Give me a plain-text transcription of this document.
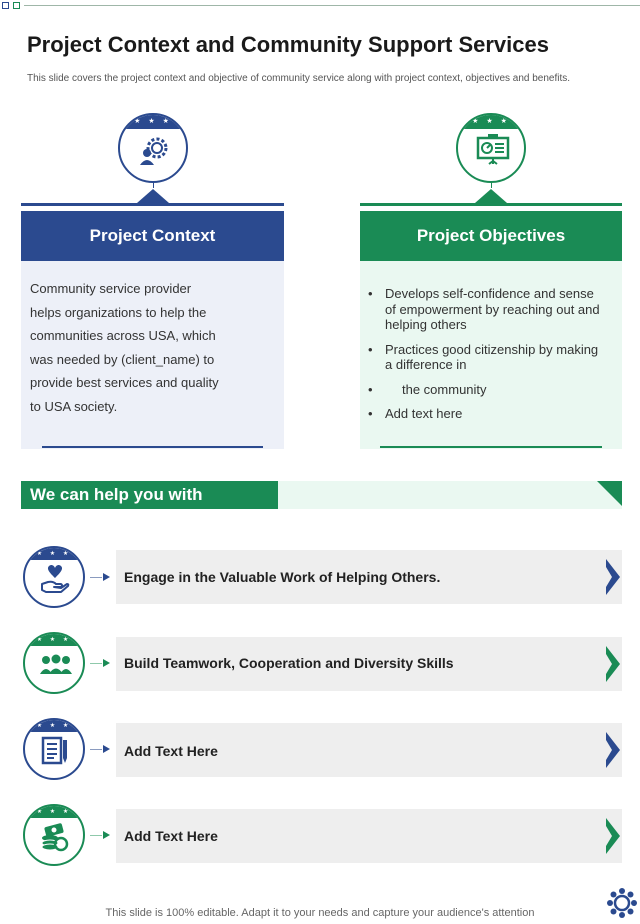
Project Context and Community Support Services
This slide covers the project context and objective of community service along with project context, objectives and benefits.
★ ★ ★
Project Context
Community service provider
helps organizations to help the
communities across USA, which
was needed by (client_name) to
provide best services and quality
to USA society.
★ ★ ★
Project Objectives
• Develops self-confidence and sense of empowerment by reaching out and helping others
• Practices good citizenship by making a difference in
• the community
• Add text here
We can help you with
★ ★ ★
Engage in the Valuable Work of Helping Others.
★ ★ ★
Build Teamwork, Cooperation and Diversity Skills
★ ★ ★
Add Text Here
★ ★ ★
Add Text Here
This slide is 100% editable. Adapt it to your needs and capture your audience's attention
